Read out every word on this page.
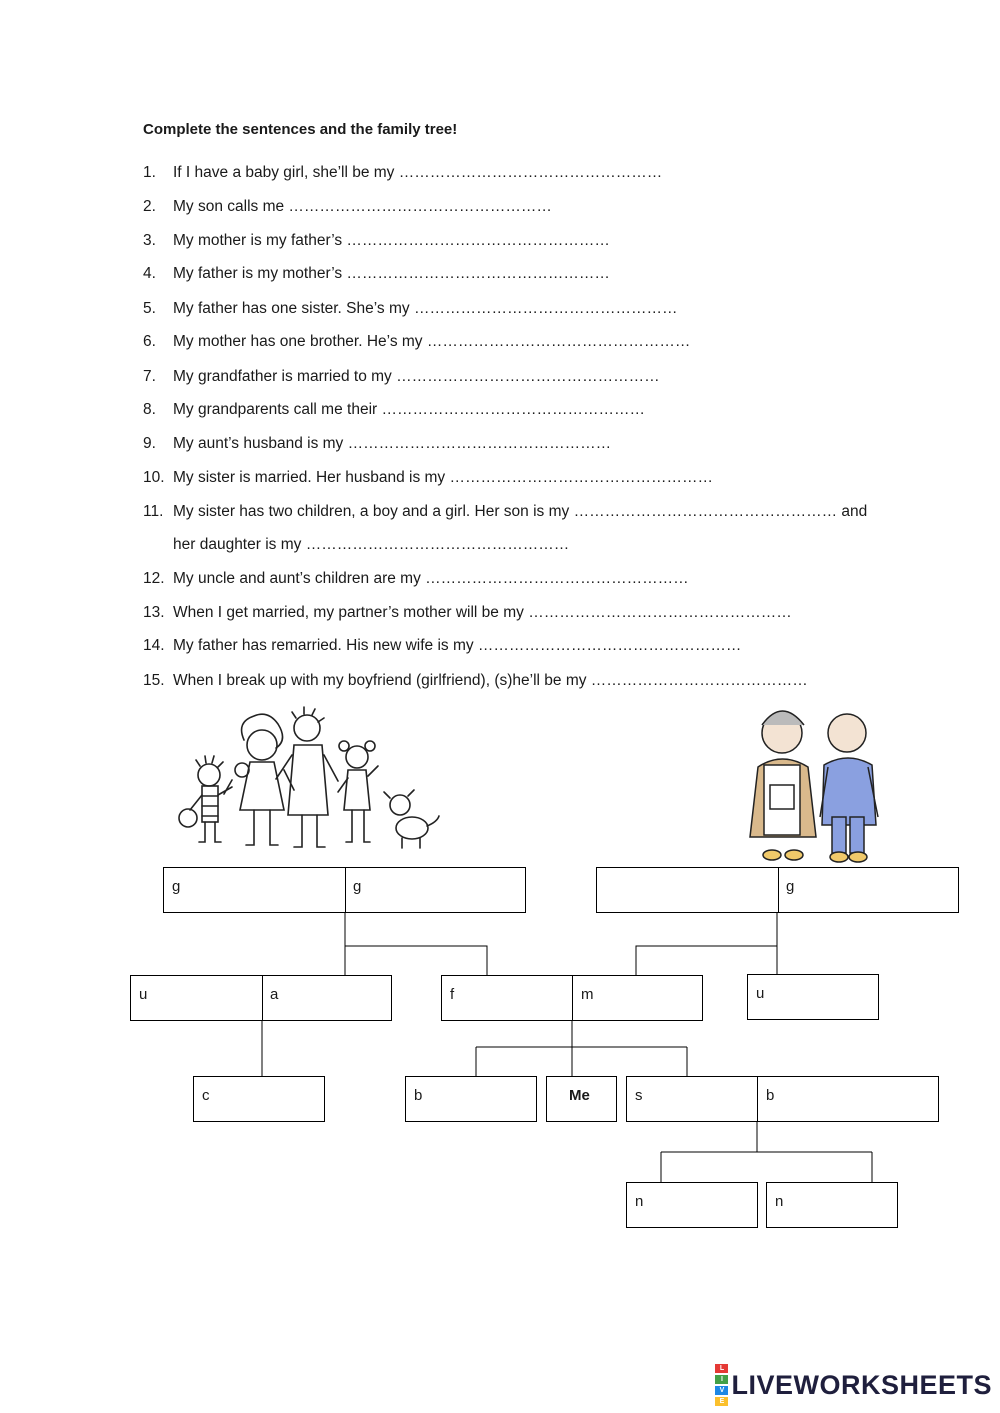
Complete the sentences and the family tree!
1. If I have a baby girl, she’ll be my ……………………………………………
2. My son calls me ……………………………………………
3. My mother is my father’s ……………………………………………
4. My father is my mother’s ……………………………………………
5. My father has one sister. She’s my ……………………………………………
6. My mother has one brother. He’s my ……………………………………………
7. My grandfather is married to my ……………………………………………
8. My grandparents call me their ……………………………………………
9. My aunt’s husband is my ……………………………………………
10. My sister is married. Her husband is my ……………………………………………
11. My sister has two children, a boy and a girl. Her son is my …………………………………………… and
her daughter is my ……………………………………………
12. My uncle and aunt’s children are my ……………………………………………
13. When I get married, my partner’s mother will be my ……………………………………………
14. My father has remarried. His new wife is my ……………………………………………
15. When I break up with my boyfriend (girlfriend), (s)he’ll be my ……………………………………
g	g	g
u	a	f	m	u
c	b	Me	s	b
n	n
L
I
V
E
LIVEWORKSHEETS
